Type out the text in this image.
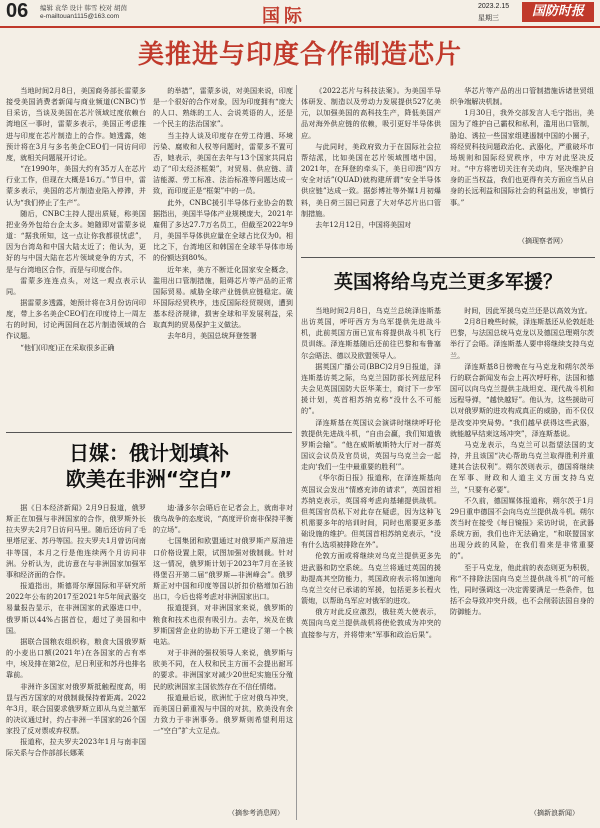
06 编辑 袁华 设计 韩雪 校对 胡茵
e-mailtouan1115@163.com	国际	2023.2.15
星期三	国防时报
美推进与印度合作制造芯片

当地时间2月8日，美国商务部长雷蒙多接受美国消费者新闻与商业频道(CNBC)节目采访，当谈及美国在芯片领域过度依赖台湾地区一事时，雷蒙多表示，美国正考虑推进与印度在芯片制造上的合作。她透露，她预计将在3月与多名美企CEO们一同访问印度，就相关问题展开讨论。

“在1990年，美国大约有35万人在芯片行业工作，但现在大概是16万。”节目中，雷蒙多表示，美国的芯片制造业陷入停滞，并认为“我们停止了生产”。

随后，CNBC主持人提出质疑，称美国把业务外包给台企太多。她随即对雷蒙多说道：“据我所知，这一点让你我都很忧虑”，因为台湾岛和中国大陆太近了；他认为，更好的与中国大陆在芯片领域竞争的方式，不是与台湾地区合作，而是与印度合作。

雷蒙多连连点头，对这一观点表示认同。

据雷蒙多透露，她预计将在3月份访问印度，带上多名美企CEO们在印度待上一周左右的时间，讨论两国间在芯片制造领域的合作议题。

“他们(印度)正在采取很多正确

的举措”，雷蒙多说，对美国来说，印度是一个很好的合作对象，因为印度拥有“庞大的人口、熟练的工人、会说英语的人，还是一个民主的法治国家”。

当主持人谈及印度存在劳工待遇、环境污染、腐败和人权等问题时，雷蒙多不置可否，她表示，美国在去年与13个国家共同启动了“印太经济框架”，对贸易、供应链、清洁能源、劳工标准、法治标准等问题达成一致，而印度正是“框架”中的一员。

此外，CNBC援引半导体行业协会的数据指出，美国半导体产业规模庞大，2021年雇佣了多达27.7万名员工，但截至2022年9月，美国半导体供应量在全球占比仅为0。相比之下，台湾地区和韩国在全球半导体市场的份额达到80%。

近年来，美方不断迁化国家安全概念，滥用出口管制措施，阻碍芯片等产品的正常国际贸易。威胁全球产业链供应链稳定。破坏国际经贸秩序，违反国际经贸规则，遭到基本经济规律，损害全球和平发展利益，采取真判的贸易保护主义做法。

去年8月，美国总统拜登签署

《2022芯片与科技法案》。为美国半导体研发、制造以及劳动力发展提供527亿美元，以加强美国的高科技生产，降低美国产品对海外供应链的依赖，吸引更好半导体供应。

与此同时，美政府致力于在国际社会拉帮结派，比如美国在芯片领域围堵中国，2021年，在拜登的牵头下，美日印澳“四方安全对话”(QUAD)就构建所谓“安全半导体供应链”达成一致。据彭博社等外媒1月初爆料，美日荷三国已同意了大对华芯片出口管制措施。

去年12月12日，中国将美国对

华芯片等产品的出口管制措施诉诸世贸组织争端解决机制。

1月30日，我外交部发言人毛宁指出，美国为了维护自己霸权和私利，滥用出口管制，胁迫、诱拉一些国家组建遏制中国的小圈子，将经贸科技问题政治化、武器化，严重破坏市场规则和国际经贸秩序，中方对此坚决反对。“中方将密切关注有关动向，坚决维护自身的正当权益，我们也更得有关方面应当从自身的长远利益和国际社会的利益出发，审慎行事。”

（摘现察者网）
英国将给乌克兰更多军援？

当地时间2月8日，乌克兰总统泽连斯基出访英国，呼吁西方为乌军提供先进战斗机，此前英国方面已宣布将提供战斗机飞行员训练。泽连斯基随后还前往巴黎和布鲁塞尔会晤法、德以及欧盟领导人。

据英国广播公司(BBC)2月9日报道，泽连斯基访英之际，乌克兰国防部长列兹尼科夫会见英国国防大臣华莱士，商讨下一步军援计划，英首相苏纳克称“没什么不可能的”。

泽连斯基在英国议会演讲时继续呼吁伦敦提供先进战斗机，“自由会赢，我们知道俄罗斯会输”。“他在威斯敏斯特大厅对一群英国议会议员及官员说，英国与乌克兰会一起走向‘我们一生中最重要的胜利’”。

《华尔街日报》报道称，在泽连斯基向英国议会发出“情感充沛的请求”，英国首相苏纳克表示，英国将考虑向基辅提供战机。但英国官员私下对此存在疑虑，因为这种飞机需要多年的培训时间，同时也需要更多基础设施的维护。但英国首相苏纳克表示，“没有什么选项被排除在外”。

伦敦方面或将继续对乌克兰提供更多先进武器和防空系统。乌克兰将通过英国的援助提高其空防能力，英国政府表示将加速向乌克兰交付已承诺的军援，包括更多长程火箭炮，以帮助乌军应对俄军的进攻。

俄方对此反应激烈，俄驻英大使表示，英国向乌克兰提供战机将使伦敦成为冲突的直接参与方，并将带来“军事和政治后果”。

时间，因此军援乌克兰还是以高效为宜。

2月8日晚些时候，泽连斯基还从伦敦赶赴巴黎，与法国总统马克龙以及德国总理朔尔茨举行了会晤。泽连斯基人要申将继续支持乌克兰。

泽连斯基8日傍晚在与马克龙和朔尔茨举行的联合新闻发布会上再次呼吁称，法国和德国可以向乌克兰提供主战坦克、现代战斗机和远程导弹，“越快越好”。他认为，这些援助可以对俄罗斯的进攻构成真正的威胁，而不仅仅是改变冲突局势。“我们越早获得这些武器，就能越早结束这场冲突”，泽连斯基说。

马克龙表示，乌克兰可以指望法国的支持，并且该国“决心帮助乌克兰取得胜利并重建其合法权利”。朔尔茨则表示，德国将继续在军事、财政和人道主义方面支持乌克兰，“只要有必要”。

不久前，德国媒体报道称，朔尔茨于1月29日重申德国不会向乌克兰提供战斗机。朔尔茨当时在接受《每日镜报》采访时说，在武器系统方面，我们也许无法确定，“和联盟国家出现分歧的风险，在我们看来是非常重要的”。

至于马克龙，他此前的表态则更为积极，称“不排除法国向乌克兰提供战斗机”的可能性，同时强调这一决定需要满足一些条件，包括不会导致冲突升级，也不会削弱法国自身的防御能力。

（摘新浪新闻）
日媒：俄计划填补
欧美在非洲“空白”

据《日本经济新闻》2月9日报道，俄罗斯正在加强与非洲国家的合作，俄罗斯外长拉夫罗夫2月7日访问马里。随后还访问了毛里塔尼亚、苏丹等国。拉夫罗夫1月曾访问南非等国，本月之行是他连续两个月访问非洲。分析认为，此访意在与非洲国家加强军事和经济面的合作。

报道指出，斯德哥尔摩国际和平研究所2022年公布的2017至2021年5年间武器交易量报告显示，在非洲国家的武器进口中，俄罗斯以44%占据首位，超过了美国和中国。

据联合国粮农组织称，粮食大国俄罗斯的小麦出口额(2021年)在各国家的占有率中，埃及排在第2位，尼日利亚和苏丹也排名靠前。

非洲许多国家对俄罗斯抵触程度高，明显与西方国家的对俄制裁保持着距离。2022年3月，联合国要求俄罗斯立即从乌克兰撤军的决议通过时，约占非洲一半国家的26个国家投了反对票或弃权票。

报道称，拉夫罗夫2023年1月与南非国际关系与合作部部长娜莱

迪·潘多尔会晤后在记者会上，就南非对俄乌战争的态度说，“高度评价南非保持平衡的立场”。

七国集团和欧盟通过对俄罗斯产原油进口价格设置上限，试图加强对俄制裁。针对这一情况，俄罗斯计划于2023年7月在圣彼得堡召开第二届“俄罗斯—非洲峰会”。俄罗斯正对中国和印度等国以折扣价格增加石油出口，今后也将考虑对非洲国家出口。

报道提到，对非洲国家来说，俄罗斯的粮食和技术也很有吸引力。去年，埃及在俄罗斯国营企业的协助下开工建设了第一个核电站。

对于非洲的强权领导人来说，俄罗斯与欧美不同，在人权和民主方面不会提出耐耳的要求。非洲国家对减少20世纪实施压分殖民的欧洲国家主国依然存在不信任情绪。

报道最后说，欧洲忙于应对俄乌冲突，而美国日薪重视与中国的对抗，欧美没有余力致力于非洲事务。俄罗斯则希望利用这一“空白”扩大立足点。

（摘参考消息网）
